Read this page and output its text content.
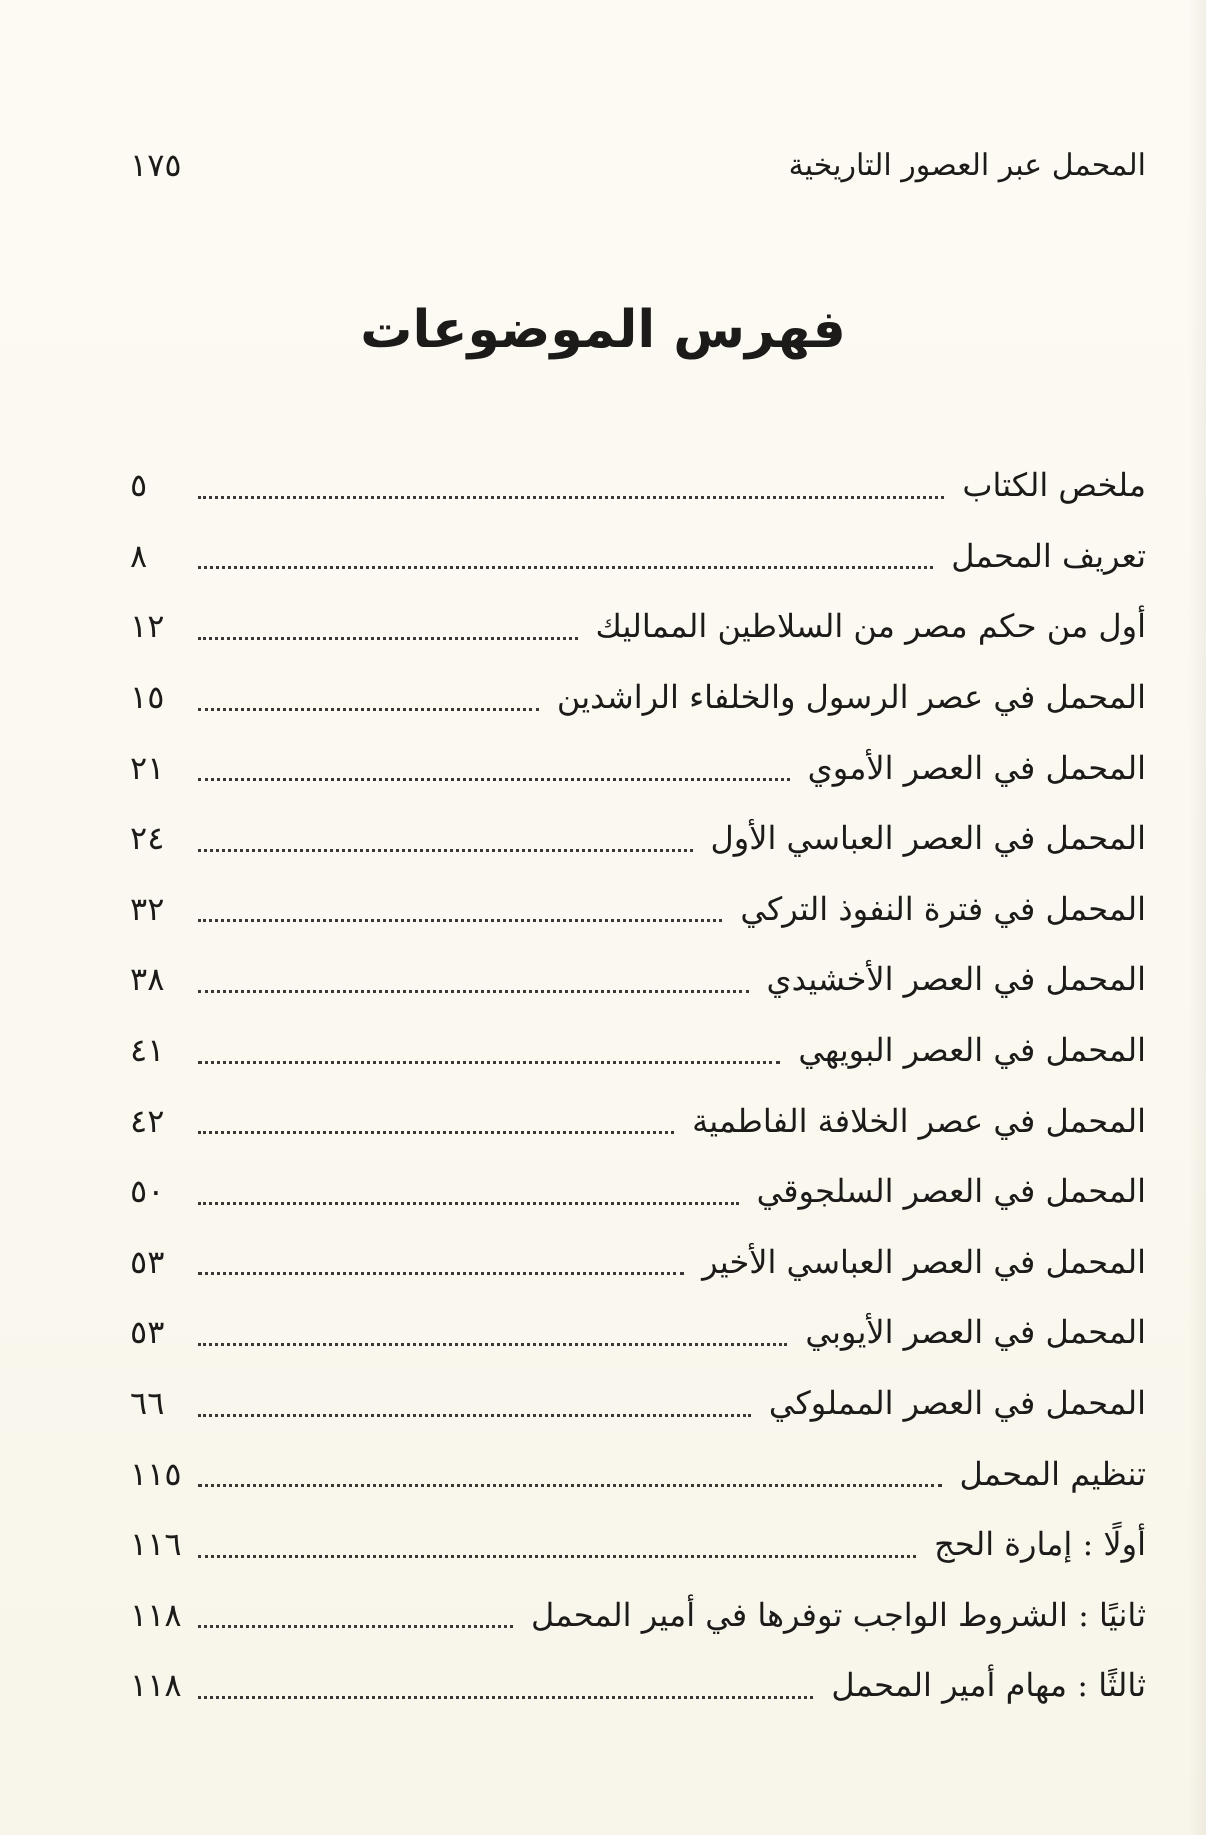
المحمل عبر العصور التاريخية
١٧٥
فهرس الموضوعات
ملخص الكتاب
٥
تعريف المحمل
٨
أول من حكم مصر من السلاطين المماليك
١٢
المحمل في عصر الرسول والخلفاء الراشدين
١٥
المحمل في العصر الأموي
٢١
المحمل في العصر العباسي الأول
٢٤
المحمل في فترة النفوذ التركي
٣٢
المحمل في العصر الأخشيدي
٣٨
المحمل في العصر البويهي
٤١
المحمل في عصر الخلافة الفاطمية
٤٢
المحمل في العصر السلجوقي
٥٠
المحمل في العصر العباسي الأخير
٥٣
المحمل في العصر الأيوبي
٥٣
المحمل في العصر المملوكي
٦٦
تنظيم المحمل
١١٥
أولًا : إمارة الحج
١١٦
ثانيًا : الشروط الواجب توفرها في أمير المحمل
١١٨
ثالثًا : مهام أمير المحمل
١١٨
